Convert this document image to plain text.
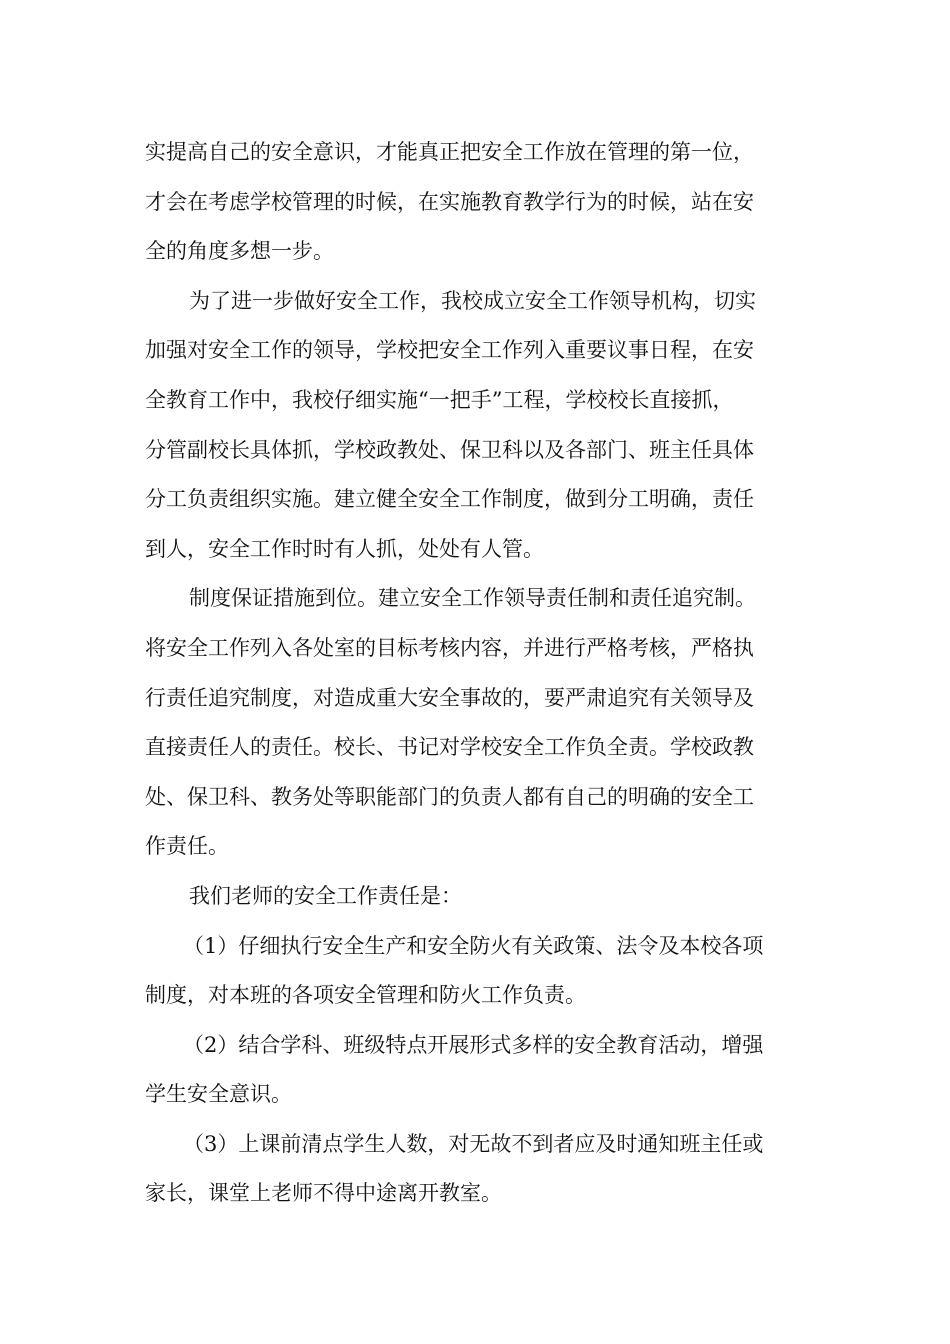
实提高自己的安全意识，才能真正把安全工作放在管理的第一位，
才会在考虑学校管理的时候，在实施教育教学行为的时候，站在安
全的角度多想一步。
为了进一步做好安全工作，我校成立安全工作领导机构，切实
加强对安全工作的领导，学校把安全工作列入重要议事日程，在安
全教育工作中，我校仔细实施“一把手”工程，学校校长直接抓，
分管副校长具体抓，学校政教处、保卫科以及各部门、班主任具体
分工负责组织实施。建立健全安全工作制度，做到分工明确，责任
到人，安全工作时时有人抓，处处有人管。
制度保证措施到位。建立安全工作领导责任制和责任追究制。
将安全工作列入各处室的目标考核内容，并进行严格考核，严格执
行责任追究制度，对造成重大安全事故的，要严肃追究有关领导及
直接责任人的责任。校长、书记对学校安全工作负全责。学校政教
处、保卫科、教务处等职能部门的负责人都有自己的明确的安全工
作责任。
我们老师的安全工作责任是：
（1）仔细执行安全生产和安全防火有关政策、法令及本校各项
制度，对本班的各项安全管理和防火工作负责。
（2）结合学科、班级特点开展形式多样的安全教育活动，增强
学生安全意识。
（3）上课前清点学生人数，对无故不到者应及时通知班主任或
家长，课堂上老师不得中途离开教室。
